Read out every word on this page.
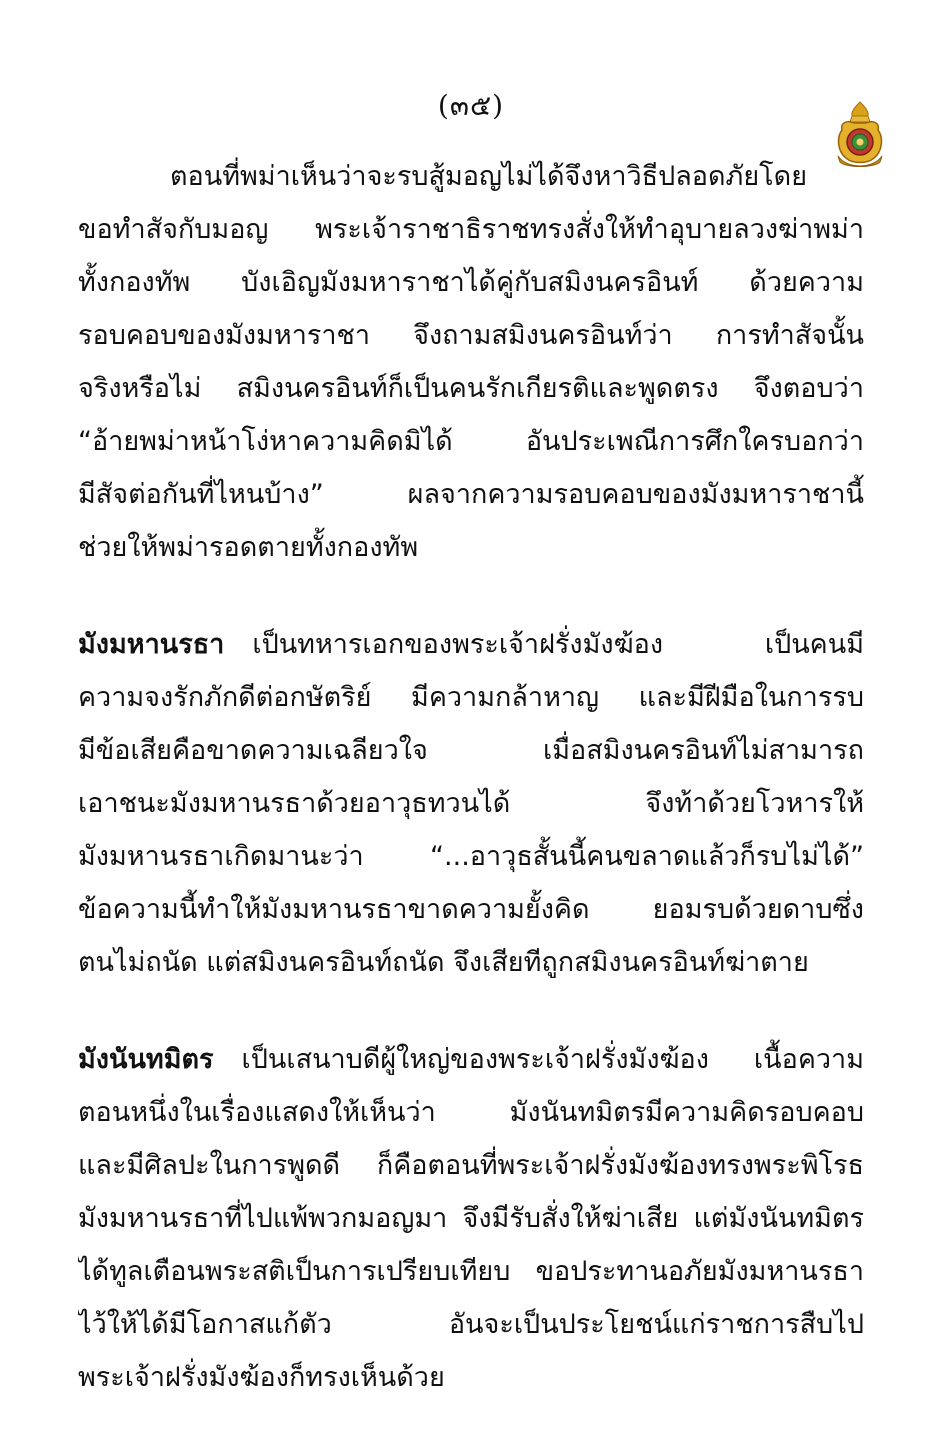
(๓๕)
ตอนที่พม่าเห็นว่าจะรบสู้มอญไม่ได้จึงหาวิธีปลอดภัยโดย
ขอทำสัจกับมอญ พระเจ้าราชาธิราชทรงสั่งให้ทำอุบายลวงฆ่าพม่า
ทั้งกองทัพ บังเอิญมังมหาราชาได้คู่กับสมิงนครอินท์ ด้วยความ
รอบคอบของมังมหาราชา จึงถามสมิงนครอินท์ว่า การทำสัจนั้น
จริงหรือไม่ สมิงนครอินท์ก็เป็นคนรักเกียรติและพูดตรง จึงตอบว่า
“อ้ายพม่าหน้าโง่หาความคิดมิได้ อันประเพณีการศึกใครบอกว่า
มีสัจต่อกันที่ไหนบ้าง” ผลจากความรอบคอบของมังมหาราชานี้
ช่วยให้พม่ารอดตายทั้งกองทัพ
มังมหานรธา เป็นทหารเอกของพระเจ้าฝรั่งมังฆ้อง เป็นคนมี
ความจงรักภักดีต่อกษัตริย์ มีความกล้าหาญ และมีฝีมือในการรบ
มีข้อเสียคือขาดความเฉลียวใจ เมื่อสมิงนครอินท์ไม่สามารถ
เอาชนะมังมหานรธาด้วยอาวุธทวนได้ จึงท้าด้วยโวหารให้
มังมหานรธาเกิดมานะว่า “...อาวุธสั้นนี้คนขลาดแล้วก็รบไม่ได้”
ข้อความนี้ทำให้มังมหานรธาขาดความยั้งคิด ยอมรบด้วยดาบซึ่ง
ตนไม่ถนัด แต่สมิงนครอินท์ถนัด จึงเสียทีถูกสมิงนครอินท์ฆ่าตาย
มังนันทมิตร เป็นเสนาบดีผู้ใหญ่ของพระเจ้าฝรั่งมังฆ้อง เนื้อความ
ตอนหนึ่งในเรื่องแสดงให้เห็นว่า มังนันทมิตรมีความคิดรอบคอบ
และมีศิลปะในการพูดดี ก็คือตอนที่พระเจ้าฝรั่งมังฆ้องทรงพระพิโรธ
มังมหานรธาที่ไปแพ้พวกมอญมา จึงมีรับสั่งให้ฆ่าเสีย แต่มังนันทมิตร
ได้ทูลเตือนพระสติเป็นการเปรียบเทียบ ขอประทานอภัยมังมหานรธา
ไว้ให้ได้มีโอกาสแก้ตัว อันจะเป็นประโยชน์แก่ราชการสืบไป
พระเจ้าฝรั่งมังฆ้องก็ทรงเห็นด้วย
